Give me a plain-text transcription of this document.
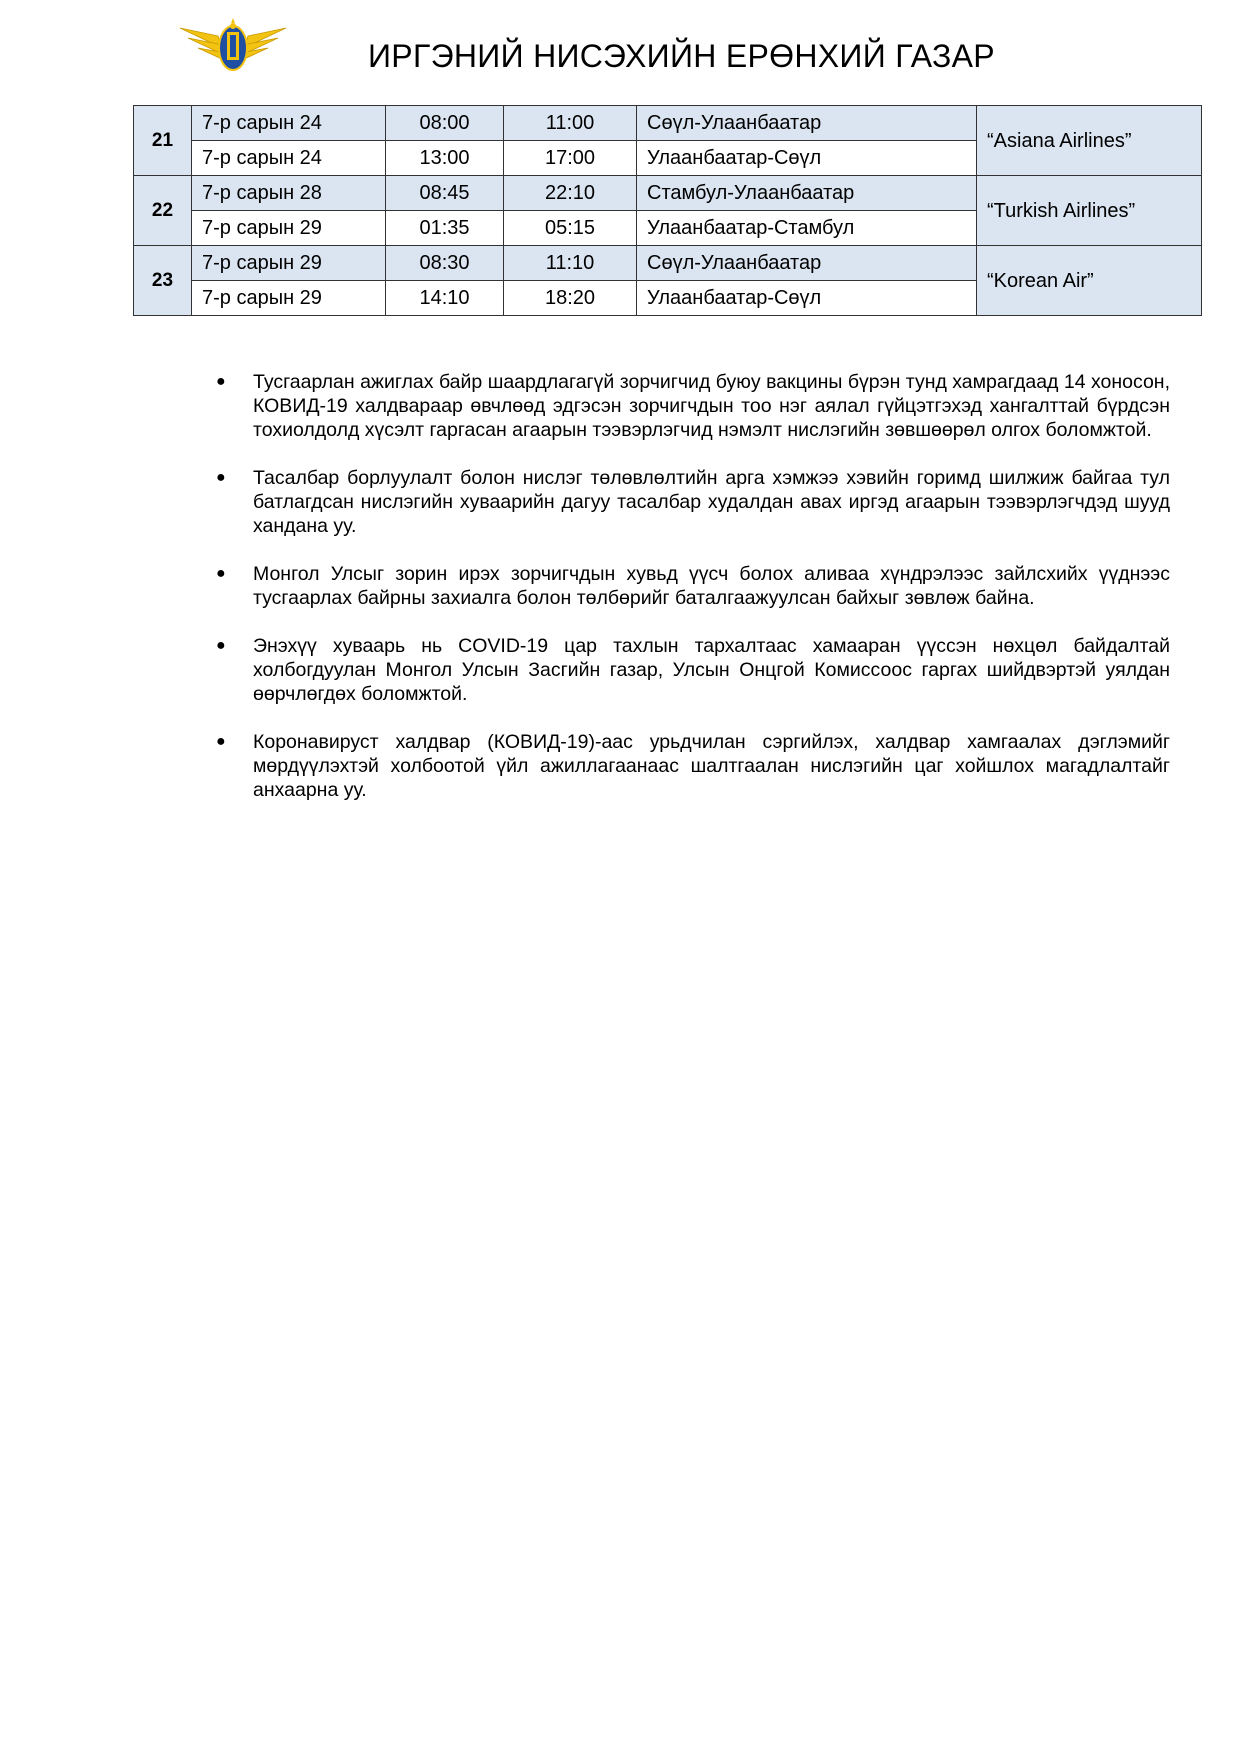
ИРГЭНИЙ НИСЭХИЙН ЕРӨНХИЙ ГАЗАР
21	7-р сарын 24	08:00	11:00	Сөүл-Улаанбаатар	“Asiana Airlines”
	7-р сарын 24	13:00	17:00	Улаанбаатар-Сөүл	
22	7-р сарын 28	08:45	22:10	Стамбул-Улаанбаатар	“Turkish Airlines”
	7-р сарын 29	01:35	05:15	Улаанбаатар-Стамбул	
23	7-р сарын 29	08:30	11:10	Сөүл-Улаанбаатар	“Korean Air”
	7-р сарын 29	14:10	18:20	Улаанбаатар-Сөүл	
● Тусгаарлан ажиглах байр шаардлагагүй зорчигчид буюу вакцины бүрэн тунд хамрагдаад 14 хоносон, КОВИД-19 халдвараар өвчлөөд эдгэсэн зорчигчдын тоо нэг аялал гүйцэтгэхэд хангалттай бүрдсэн тохиолдолд хүсэлт гаргасан агаарын тээвэрлэгчид нэмэлт нислэгийн зөвшөөрөл олгох боломжтой.
● Тасалбар борлуулалт болон нислэг төлөвлөлтийн арга хэмжээ хэвийн горимд шилжиж байгаа тул батлагдсан нислэгийн хуваарийн дагуу тасалбар худалдан авах иргэд агаарын тээвэрлэгчдэд шууд хандана уу.
● Монгол Улсыг зорин ирэх зорчигчдын хувьд үүсч болох аливаа хүндрэлээс зайлсхийх үүднээс тусгаарлах байрны захиалга болон төлбөрийг баталгаажуулсан байхыг зөвлөж байна.
● Энэхүү хуваарь нь COVID-19 цар тахлын тархалтаас хамааран үүссэн нөхцөл байдалтай холбогдуулан Монгол Улсын Засгийн газар, Улсын Онцгой Комиссоос гаргах шийдвэртэй уялдан өөрчлөгдөх боломжтой.
● Коронавируст халдвар (КОВИД-19)-аас урьдчилан сэргийлэх, халдвар хамгаалах дэглэмийг мөрдүүлэхтэй холбоотой үйл ажиллагаанаас шалтгаалан нислэгийн цаг хойшлох магадлалтайг анхаарна уу.
